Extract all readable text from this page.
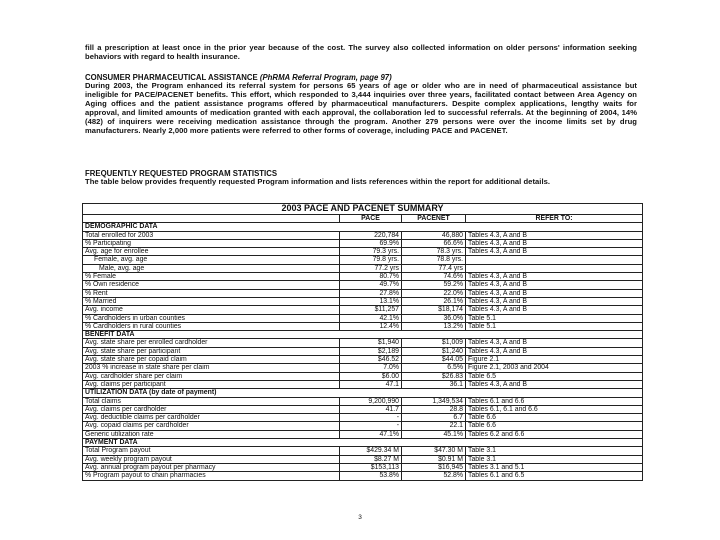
fill a prescription at least once in the prior year because of the cost. The survey also collected information on older persons' information seeking behaviors with regard to health insurance.

CONSUMER PHARMACEUTICAL ASSISTANCE (PhRMA Referral Program, page 97)

During 2003, the Program enhanced its referral system for persons 65 years of age or older who are in need of pharmaceutical assistance but ineligible for PACE/PACENET benefits. This effort, which responded to 3,444 inquiries over three years, facilitated contact between Area Agency on Aging offices and the patient assistance programs offered by pharmaceutical manufacturers. Despite complex applications, lengthy waits for approval, and limited amounts of medication granted with each approval, the collaboration led to successful referrals. At the beginning of 2004, 14% (482) of inquirers were receiving medication assistance through the program. Another 279 persons were over the income limits set by drug manufacturers. Nearly 2,000 more patients were referred to other forms of coverage, including PACE and PACENET.

FREQUENTLY REQUESTED PROGRAM STATISTICS

The table below provides frequently requested Program information and lists references within the report for additional details.

2003 PACE AND PACENET SUMMARY			
	PACE	PACENET	REFER TO:
DEMOGRAPHIC DATA			
Total enrolled for 2003	220,784	46,880	Tables 4.3, A and B
% Participating	69.9%	66.6%	Tables 4.3, A and B
Avg. age for enrollee	79.3 yrs.	78.3 yrs.	Tables 4.3, A and B
Female, avg. age	79.8 yrs.	78.8 yrs.	
Male, avg. age	77.2 yrs	77.4 yrs	
% Female	80.7%	74.6%	Tables 4.3, A and B
% Own residence	49.7%	59.2%	Tables 4.3, A and B
% Rent	27.8%	22.0%	Tables 4.3, A and B
% Married	13.1%	26.1%	Tables 4.3, A and B
Avg. income	$11,257	$18,174	Tables 4.3, A and B
% Cardholders in urban counties	42.1%	36.0%	Table 5.1
% Cardholders in rural counties	12.4%	13.2%	Table 5.1
BENEFIT DATA			
Avg. state share per enrolled cardholder	$1,940	$1,009	Tables 4.3, A and B
Avg. state share per participant	$2,189	$1,240	Tables 4.3, A and B
Avg. state share per copaid claim	$46.52	$44.05	Figure 2.1
2003 % increase in state share per claim	7.0%	6.5%	Figure 2.1, 2003 and 2004
Avg. cardholder share per claim	$6.00	$26.83	Table 6.5
Avg. claims per participant	47.1	36.1	Tables 4.3, A and B
UTILIZATION DATA (by date of payment)			
Total claims	9,200,990	1,349,534	Tables 6.1 and 6.6
Avg. claims per cardholder	41.7	28.8	Tables 6.1, 6.1 and 6.6
Avg. deductible claims per cardholder	-	6.7	Table 6.6
Avg. copaid claims per cardholder	-	22.1	Table 6.6
Generic utilization rate	47.1%	45.1%	Tables 6.2 and 6.6
PAYMENT DATA			
Total Program payout	$429.34 M	$47.30 M	Table 3.1
Avg. weekly program payout	$8.27 M	$0.91 M	Table 3.1
Avg. annual program payout per pharmacy	$153,113	$16,945	Tables 3.1 and 5.1
% Program payout to chain pharmacies	53.8%	52.8%	Tables 6.1 and 6.5
3
